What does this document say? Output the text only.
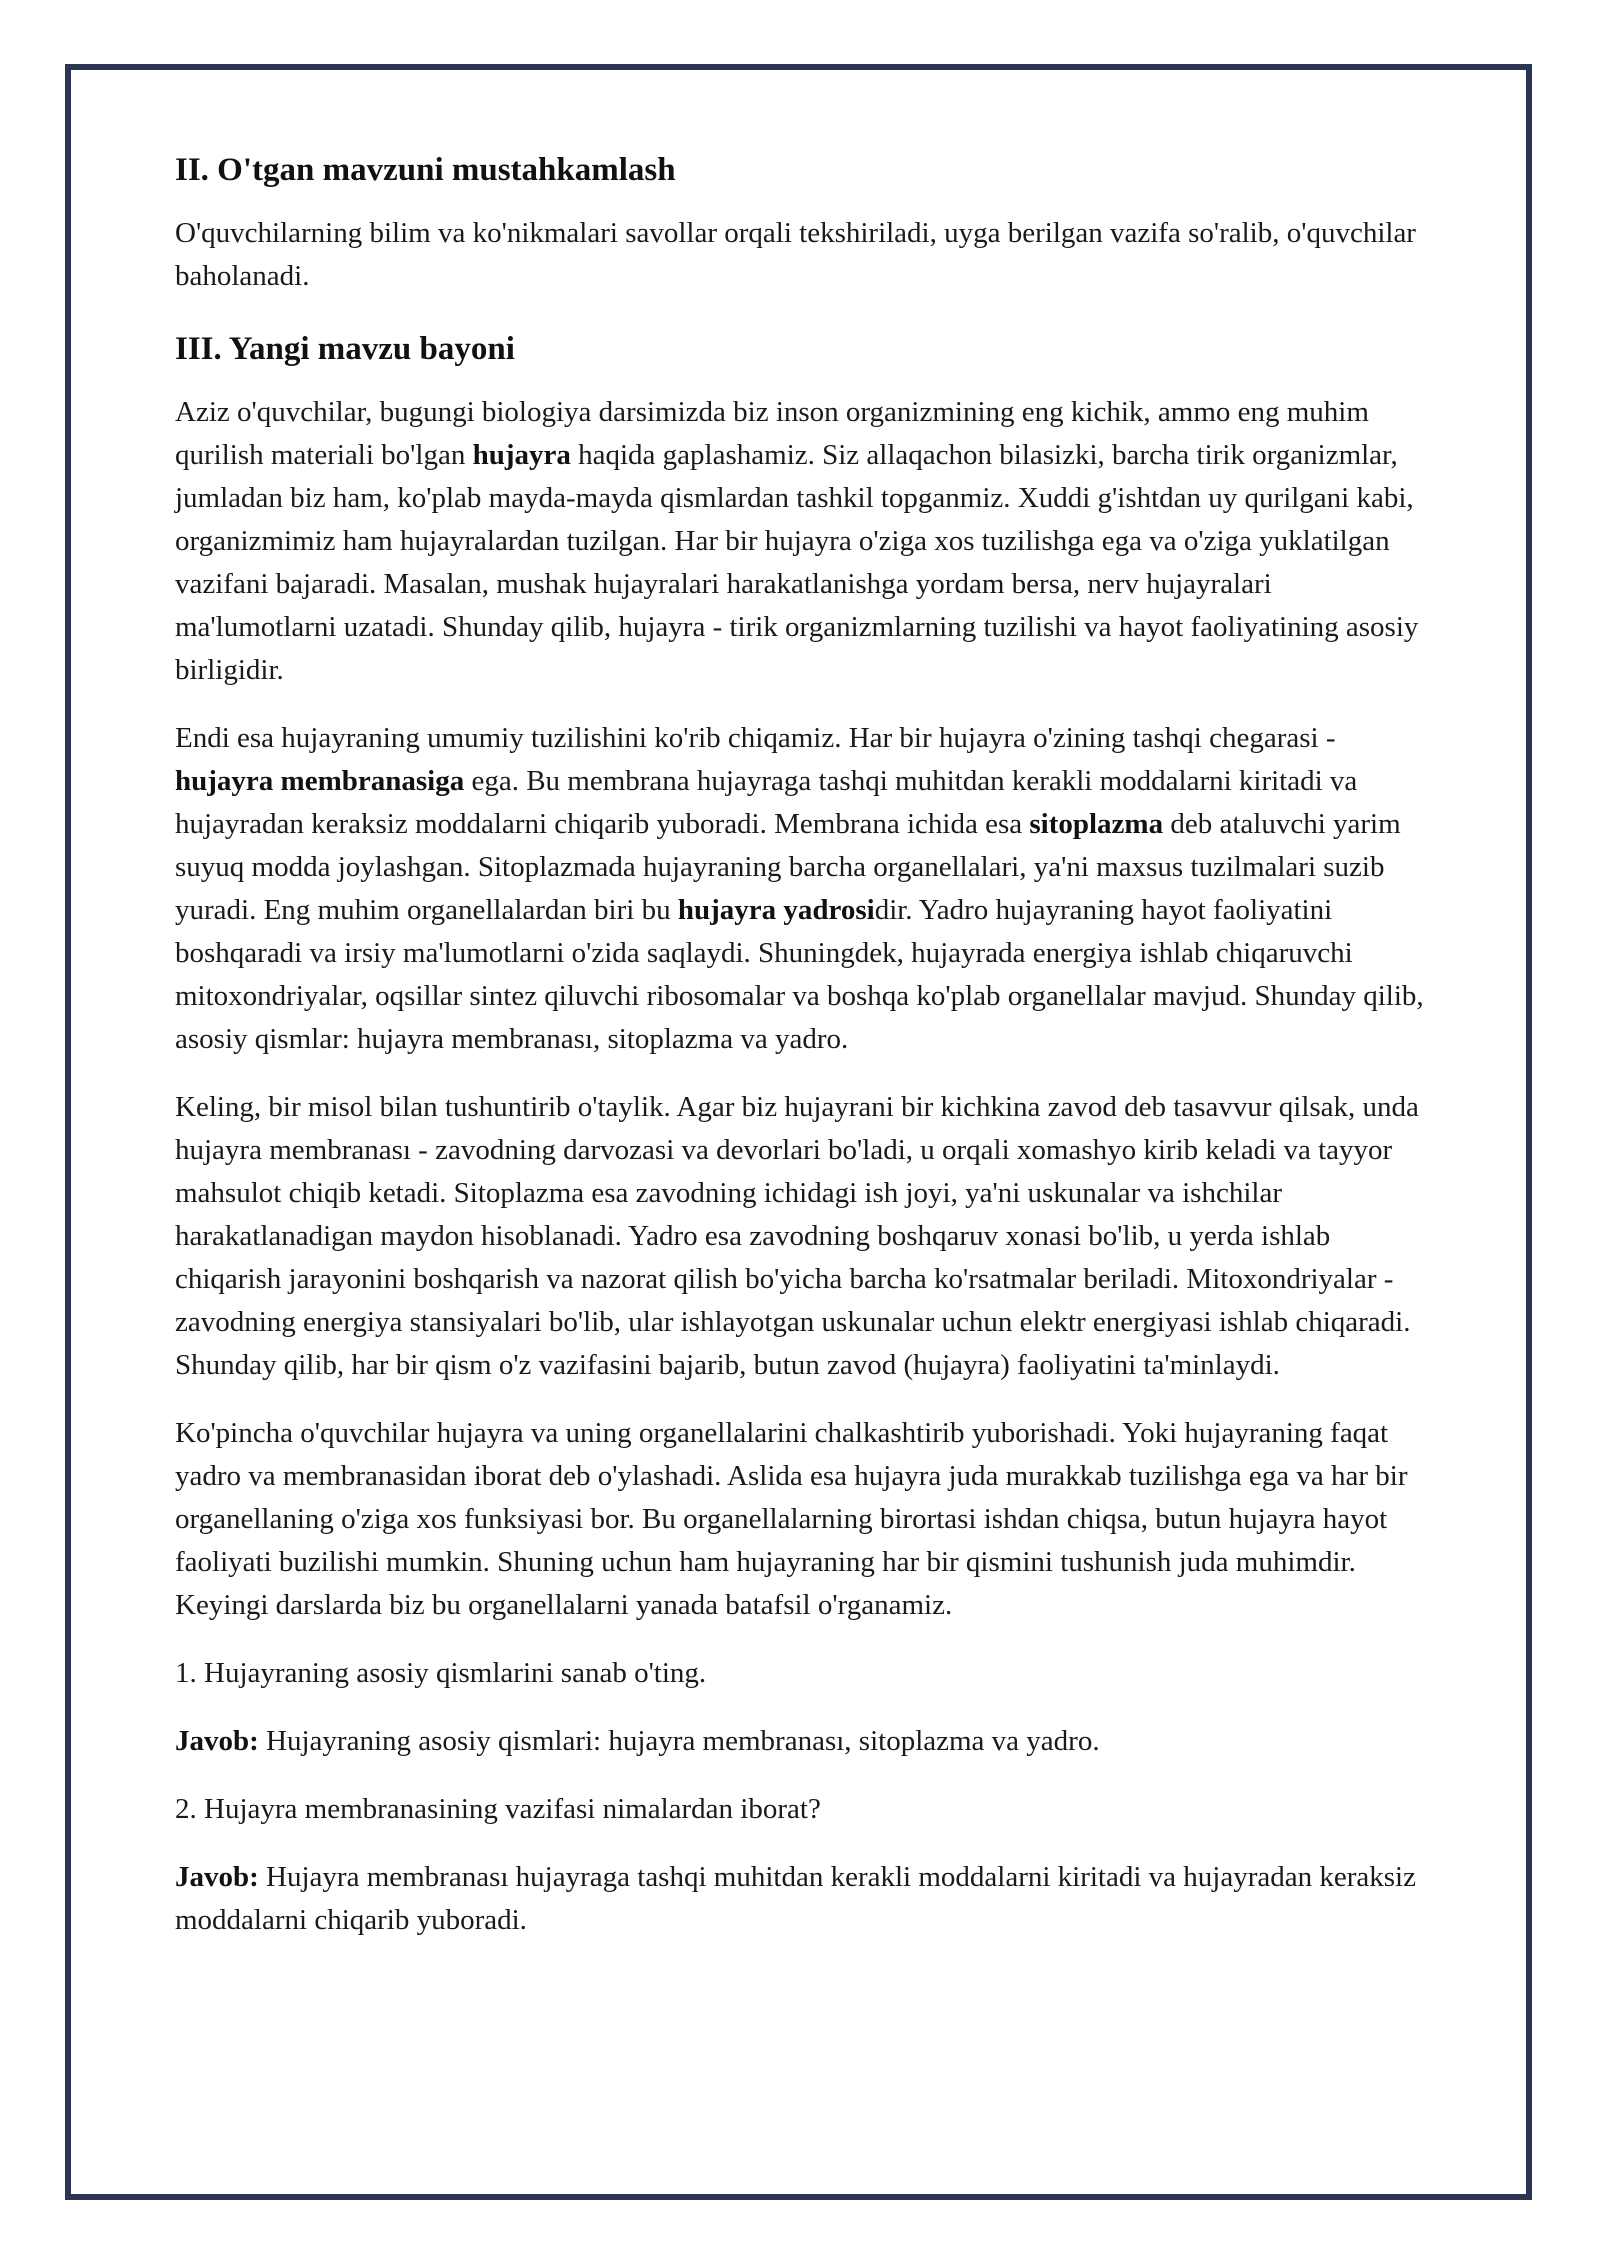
II. O'tgan mavzuni mustahkamlash

O'quvchilarning bilim va ko'nikmalari savollar orqali tekshiriladi, uyga berilgan vazifa so'ralib, o'quvchilar baholanadi.

III. Yangi mavzu bayoni

Aziz o'quvchilar, bugungi biologiya darsimizda biz inson organizmining eng kichik, ammo eng muhim qurilish materiali bo'lgan hujayra haqida gaplashamiz. Siz allaqachon bilasizki, barcha tirik organizmlar, jumladan biz ham, ko'plab mayda-mayda qismlardan tashkil topganmiz. Xuddi g'ishtdan uy qurilgani kabi, organizmimiz ham hujayralardan tuzilgan. Har bir hujayra o'ziga xos tuzilishga ega va o'ziga yuklatilgan vazifani bajaradi. Masalan, mushak hujayralari harakatlanishga yordam bersa, nerv hujayralari ma'lumotlarni uzatadi. Shunday qilib, hujayra - tirik organizmlarning tuzilishi va hayot faoliyatining asosiy birligidir.

Endi esa hujayraning umumiy tuzilishini ko'rib chiqamiz. Har bir hujayra o'zining tashqi chegarasi - hujayra membranasiga ega. Bu membrana hujayraga tashqi muhitdan kerakli moddalarni kiritadi va hujayradan keraksiz moddalarni chiqarib yuboradi. Membrana ichida esa sitoplazma deb ataluvchi yarim suyuq modda joylashgan. Sitoplazmada hujayraning barcha organellalari, ya'ni maxsus tuzilmalari suzib yuradi. Eng muhim organellalardan biri bu hujayra yadrosidir. Yadro hujayraning hayot faoliyatini boshqaradi va irsiy ma'lumotlarni o'zida saqlaydi. Shuningdek, hujayrada energiya ishlab chiqaruvchi mitoxondriyalar, oqsillar sintez qiluvchi ribosomalar va boshqa ko'plab organellalar mavjud. Shunday qilib, asosiy qismlar: hujayra membranası, sitoplazma va yadro.

Keling, bir misol bilan tushuntirib o'taylik. Agar biz hujayrani bir kichkina zavod deb tasavvur qilsak, unda hujayra membranası - zavodning darvozasi va devorlari bo'ladi, u orqali xomashyo kirib keladi va tayyor mahsulot chiqib ketadi. Sitoplazma esa zavodning ichidagi ish joyi, ya'ni uskunalar va ishchilar harakatlanadigan maydon hisoblanadi. Yadro esa zavodning boshqaruv xonasi bo'lib, u yerda ishlab chiqarish jarayonini boshqarish va nazorat qilish bo'yicha barcha ko'rsatmalar beriladi. Mitoxondriyalar - zavodning energiya stansiyalari bo'lib, ular ishlayotgan uskunalar uchun elektr energiyasi ishlab chiqaradi. Shunday qilib, har bir qism o'z vazifasini bajarib, butun zavod (hujayra) faoliyatini ta'minlaydi.

Ko'pincha o'quvchilar hujayra va uning organellalarini chalkashtirib yuborishadi. Yoki hujayraning faqat yadro va membranasidan iborat deb o'ylashadi. Aslida esa hujayra juda murakkab tuzilishga ega va har bir organellaning o'ziga xos funksiyasi bor. Bu organellalarning birortasi ishdan chiqsa, butun hujayra hayot faoliyati buzilishi mumkin. Shuning uchun ham hujayraning har bir qismini tushunish juda muhimdir. Keyingi darslarda biz bu organellalarni yanada batafsil o'rganamiz.

1. Hujayraning asosiy qismlarini sanab o'ting.

Javob: Hujayraning asosiy qismlari: hujayra membranası, sitoplazma va yadro.

2. Hujayra membranasining vazifasi nimalardan iborat?

Javob: Hujayra membranası hujayraga tashqi muhitdan kerakli moddalarni kiritadi va hujayradan keraksiz moddalarni chiqarib yuboradi.
